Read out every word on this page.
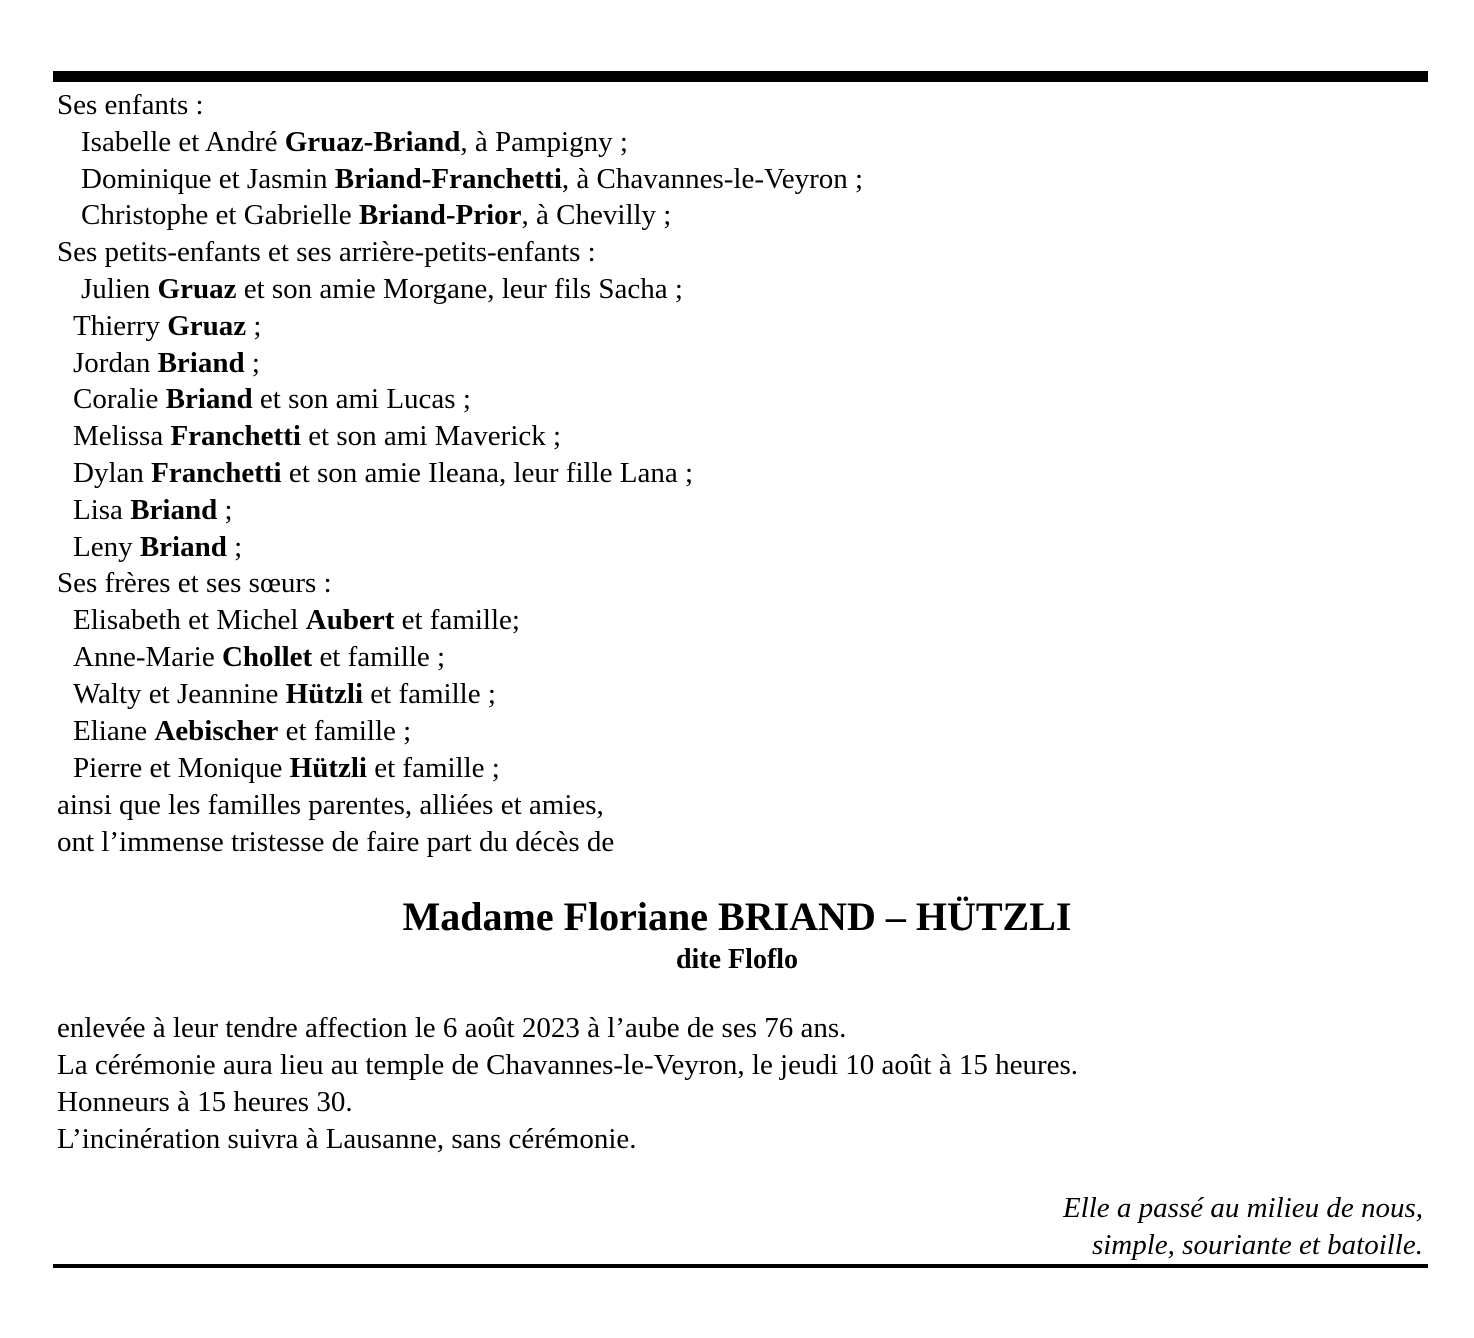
Ses enfants :
Isabelle et André Gruaz-Briand, à Pampigny ;
Dominique et Jasmin Briand-Franchetti, à Chavannes-le-Veyron ;
Christophe et Gabrielle Briand-Prior, à Chevilly ;
Ses petits-enfants et ses arrière-petits-enfants :
Julien Gruaz et son amie Morgane, leur fils Sacha ;
Thierry Gruaz ;
Jordan Briand ;
Coralie Briand et son ami Lucas ;
Melissa Franchetti et son ami Maverick ;
Dylan Franchetti et son amie Ileana, leur fille Lana ;
Lisa Briand ;
Leny Briand ;
Ses frères et ses sœurs :
Elisabeth et Michel Aubert et famille;
Anne-Marie Chollet et famille ;
Walty et Jeannine Hützli et famille ;
Eliane Aebischer et famille ;
Pierre et Monique Hützli et famille ;
ainsi que les familles parentes, alliées et amies,
ont l’immense tristesse de faire part du décès de
Madame Floriane BRIAND – HÜTZLI
dite Floflo
enlevée à leur tendre affection le 6 août 2023 à l’aube de ses 76 ans.
La cérémonie aura lieu au temple de Chavannes-le-Veyron, le jeudi 10 août à 15 heures.
Honneurs à 15 heures 30.
L’incinération suivra à Lausanne, sans cérémonie.
Elle a passé au milieu de nous,
simple, souriante et batoille.
